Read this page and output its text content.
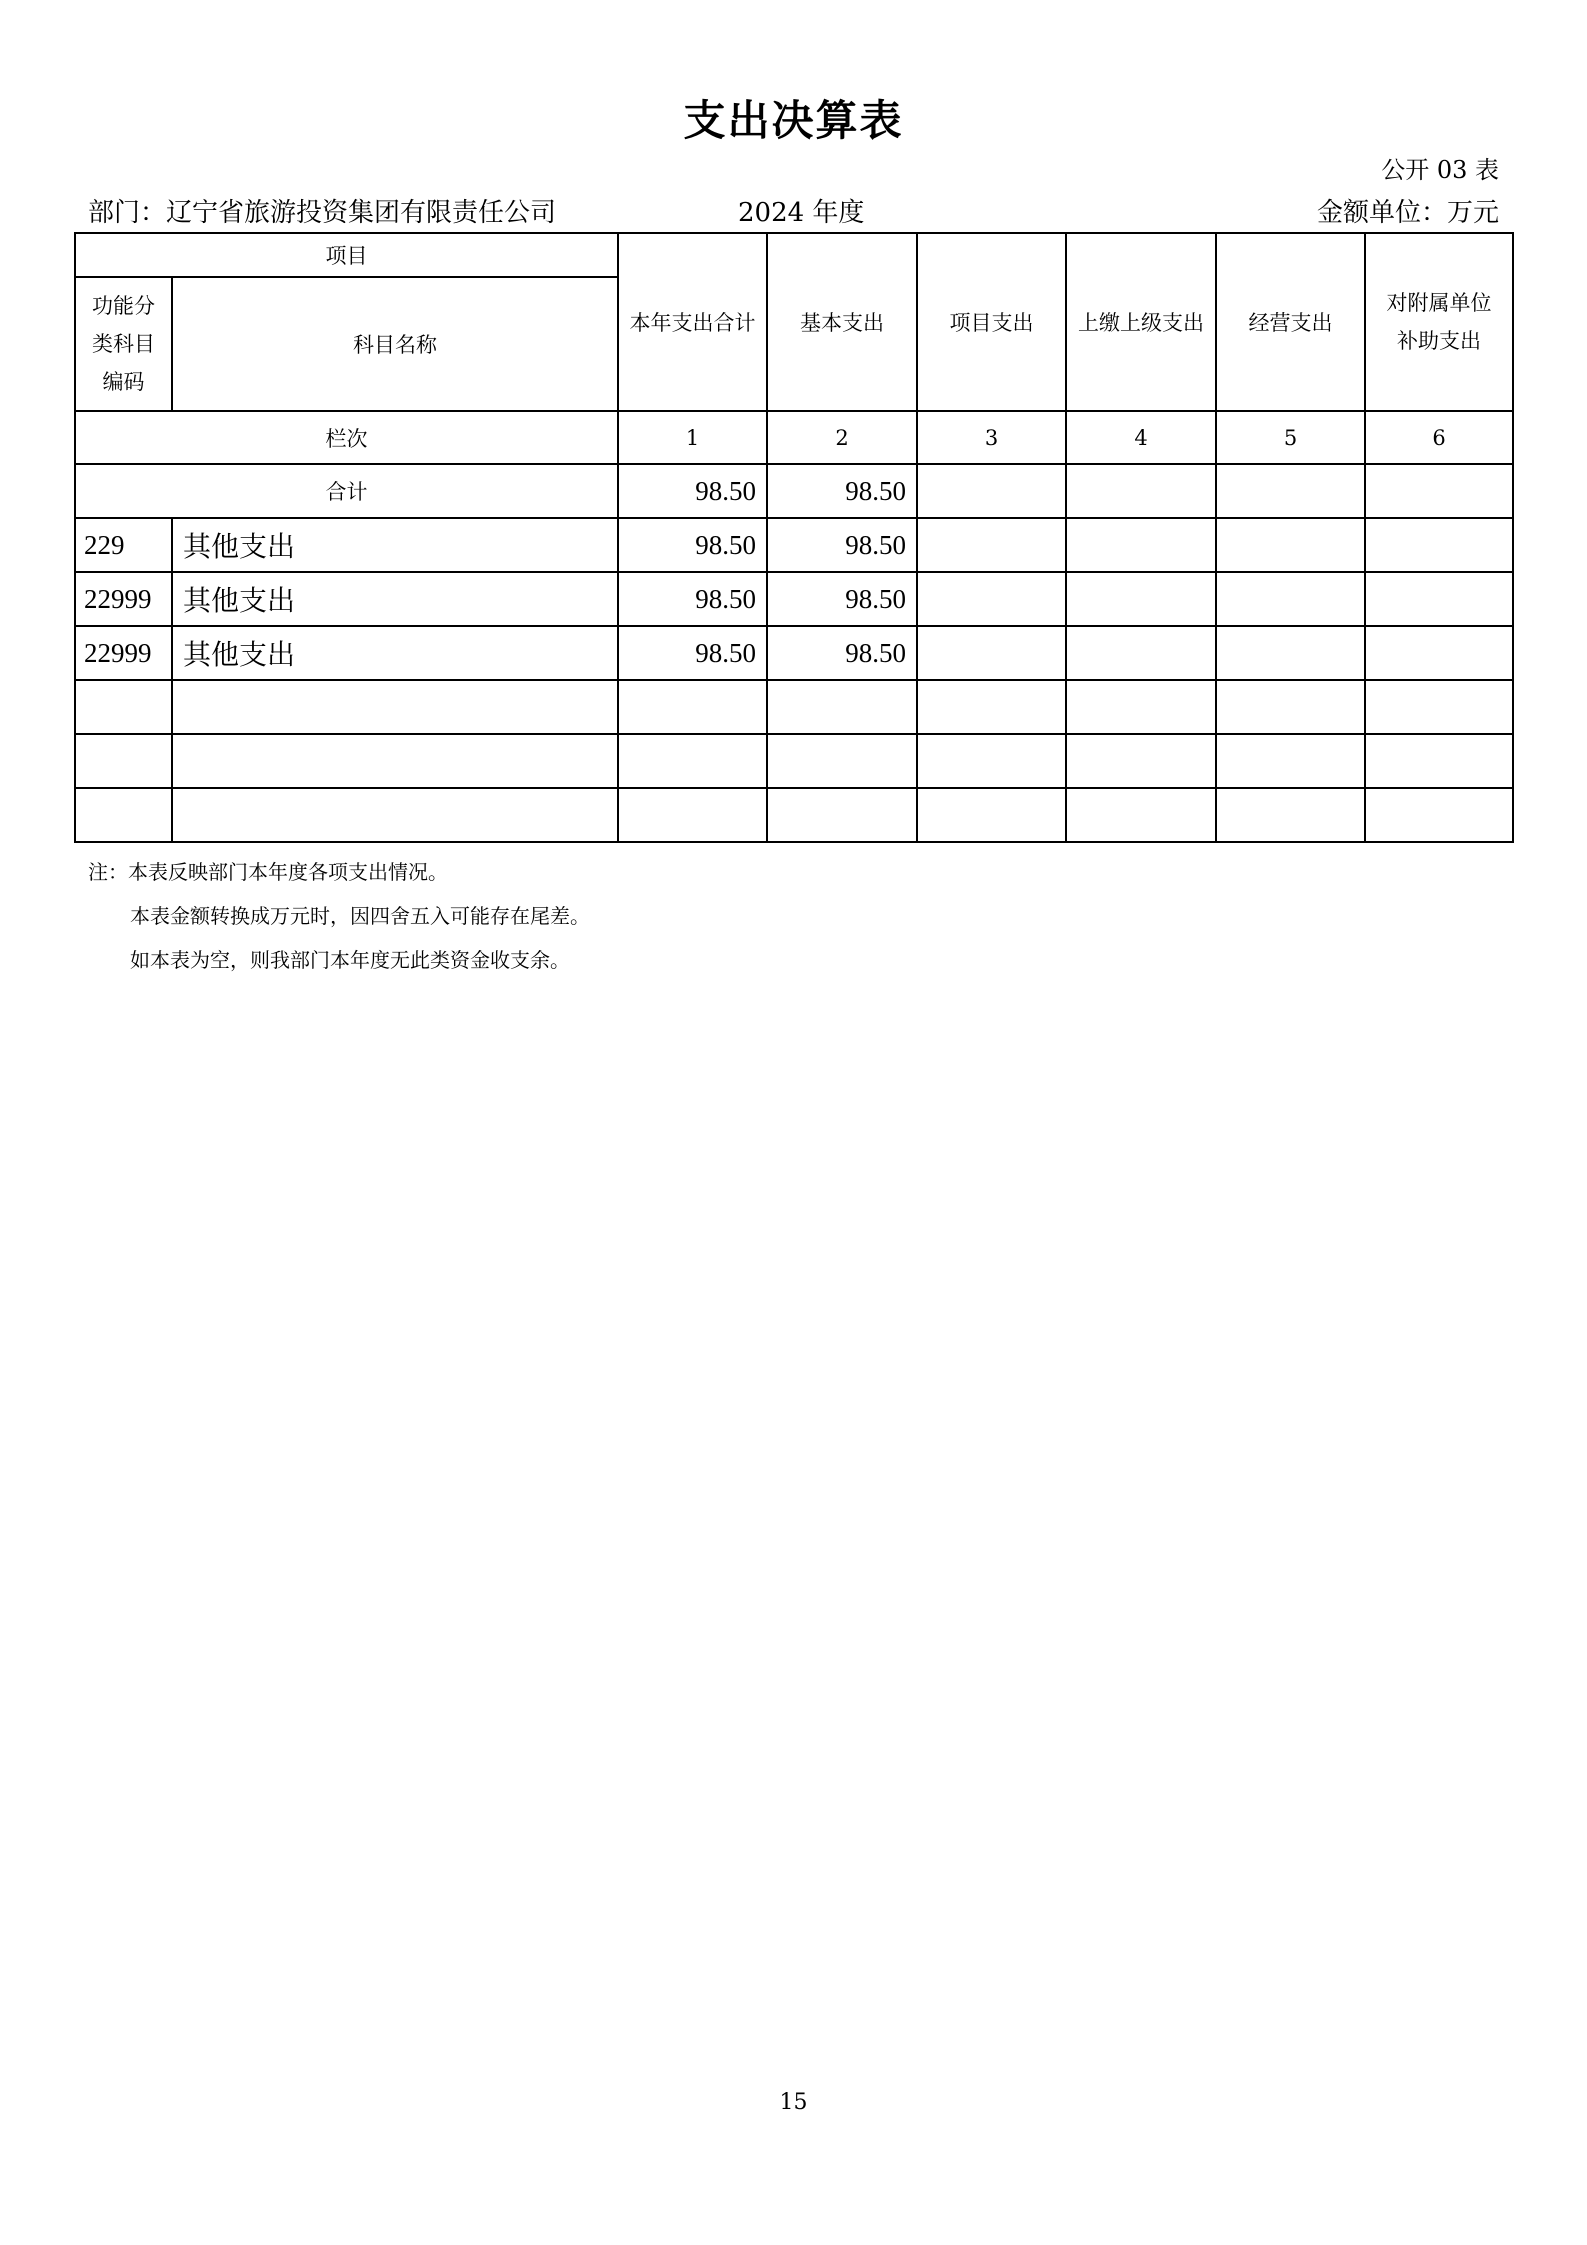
支出决算表
公开 03 表
部门：辽宁省旅游投资集团有限责任公司	2024 年度	金额单位：万元
项目		本年支出合计	基本支出	项目支出	上缴上级支出	经营支出	对附属单位补助支出
功能分类科目编码	科目名称						
栏次		1	2	3	4	5	6
合计		98.50	98.50				
229	其他支出	98.50	98.50				
22999	其他支出	98.50	98.50				
22999	其他支出	98.50	98.50				

注：本表反映部门本年度各项支出情况。
本表金额转换成万元时，因四舍五入可能存在尾差。
如本表为空，则我部门本年度无此类资金收支余。
15
